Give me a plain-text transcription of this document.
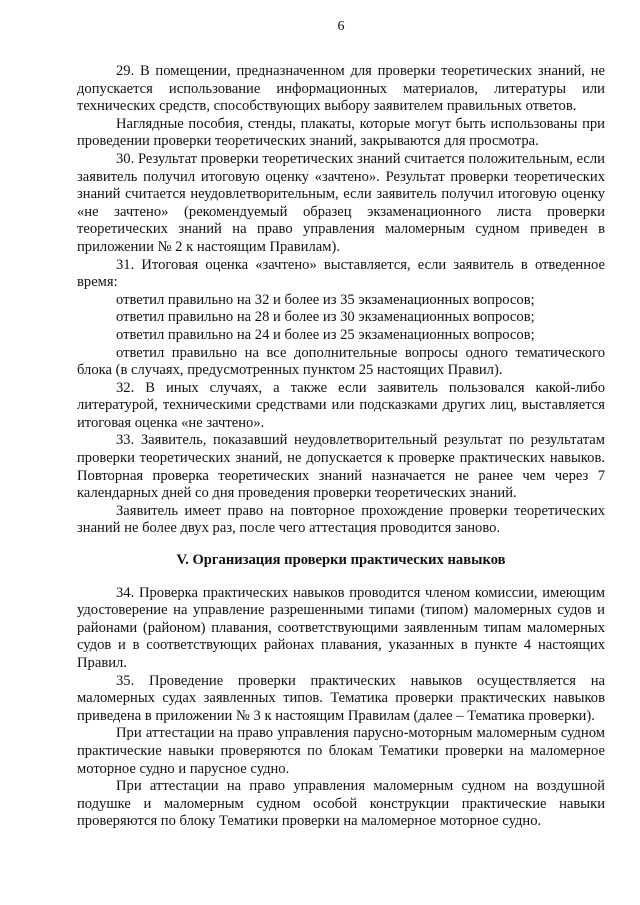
6

29. В помещении, предназначенном для проверки теоретических знаний, не допускается использование информационных материалов, литературы или технических средств, способствующих выбору заявителем правильных ответов.

Наглядные пособия, стенды, плакаты, которые могут быть использованы при проведении проверки теоретических знаний, закрываются для просмотра.

30. Результат проверки теоретических знаний считается положительным, если заявитель получил итоговую оценку «зачтено». Результат проверки теоретических знаний считается неудовлетворительным, если заявитель получил итоговую оценку «не зачтено» (рекомендуемый образец экзаменационного листа проверки теоретических знаний на право управления маломерным судном приведен в приложении № 2 к настоящим Правилам).

31. Итоговая оценка «зачтено» выставляется, если заявитель в отведенное время:

ответил правильно на 32 и более из 35 экзаменационных вопросов;

ответил правильно на 28 и более из 30 экзаменационных вопросов;

ответил правильно на 24 и более из 25 экзаменационных вопросов;

ответил правильно на все дополнительные вопросы одного тематического блока (в случаях, предусмотренных пунктом 25 настоящих Правил).

32. В иных случаях, а также если заявитель пользовался какой-либо литературой, техническими средствами или подсказками других лиц, выставляется итоговая оценка «не зачтено».

33. Заявитель, показавший неудовлетворительный результат по результатам проверки теоретических знаний, не допускается к проверке практических навыков. Повторная проверка теоретических знаний назначается не ранее чем через 7 календарных дней со дня проведения проверки теоретических знаний.

Заявитель имеет право на повторное прохождение проверки теоретических знаний не более двух раз, после чего аттестация проводится заново.

V. Организация проверки практических навыков

34. Проверка практических навыков проводится членом комиссии, имеющим удостоверение на управление разрешенными типами (типом) маломерных судов и районами (районом) плавания, соответствующими заявленным типам маломерных судов и в соответствующих районах плавания, указанных в пункте 4 настоящих Правил.

35. Проведение проверки практических навыков осуществляется на маломерных судах заявленных типов. Тематика проверки практических навыков приведена в приложении № 3 к настоящим Правилам (далее – Тематика проверки).

При аттестации на право управления парусно-моторным маломерным судном практические навыки проверяются по блокам Тематики проверки на маломерное моторное судно и парусное судно.

При аттестации на право управления маломерным судном на воздушной подушке и маломерным судном особой конструкции практические навыки проверяются по блоку Тематики проверки на маломерное моторное судно.
